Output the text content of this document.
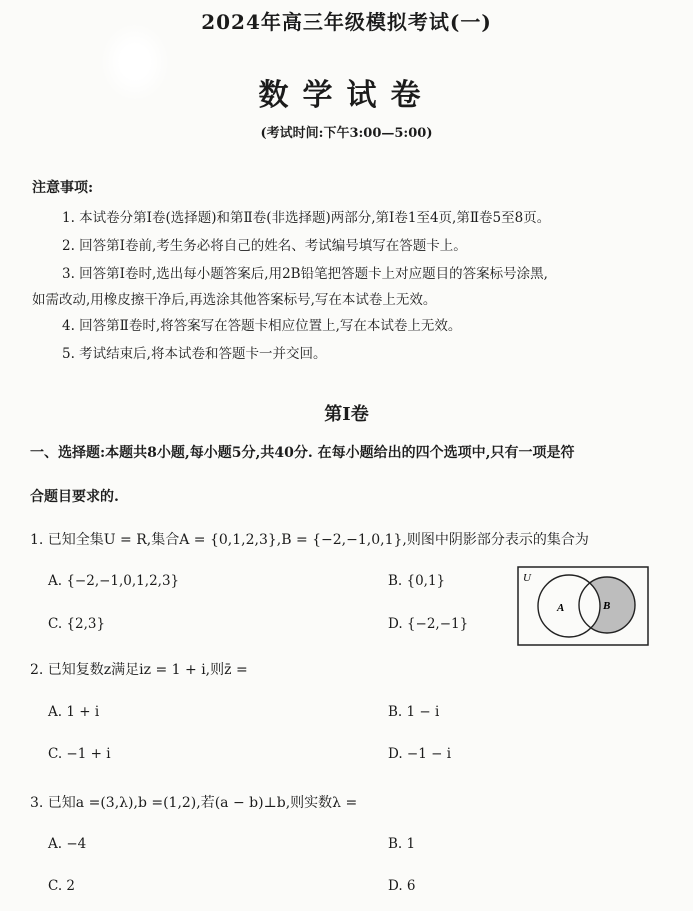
2024年高三年级模拟考试(一)
数学试卷
(考试时间:下午3:00—5:00)
注意事项:
1. 本试卷分第Ⅰ卷(选择题)和第Ⅱ卷(非选择题)两部分,第Ⅰ卷1至4页,第Ⅱ卷5至8页。
2. 回答第Ⅰ卷前,考生务必将自己的姓名、考试编号填写在答题卡上。
3. 回答第Ⅰ卷时,选出每小题答案后,用2B铅笔把答题卡上对应题目的答案标号涂黑,
如需改动,用橡皮擦干净后,再选涂其他答案标号,写在本试卷上无效。
4. 回答第Ⅱ卷时,将答案写在答题卡相应位置上,写在本试卷上无效。
5. 考试结束后,将本试卷和答题卡一并交回。
第Ⅰ卷
一、选择题:本题共8小题,每小题5分,共40分. 在每小题给出的四个选项中,只有一项是符
合题目要求的.
1. 已知全集U = R,集合A = {0,1,2,3},B = {−2,−1,0,1},则图中阴影部分表示的集合为
A. {−2,−1,0,1,2,3}	B. {0,1}
C. {2,3}	D. {−2,−1}
U
A	B
2. 已知复数z满足iz = 1 + i,则z̄ =
A. 1 + i	B. 1 − i
C. −1 + i	D. −1 − i
3. 已知a =(3,λ),b =(1,2),若(a − b)⊥b,则实数λ =
A. −4	B. 1
C. 2	D. 6
